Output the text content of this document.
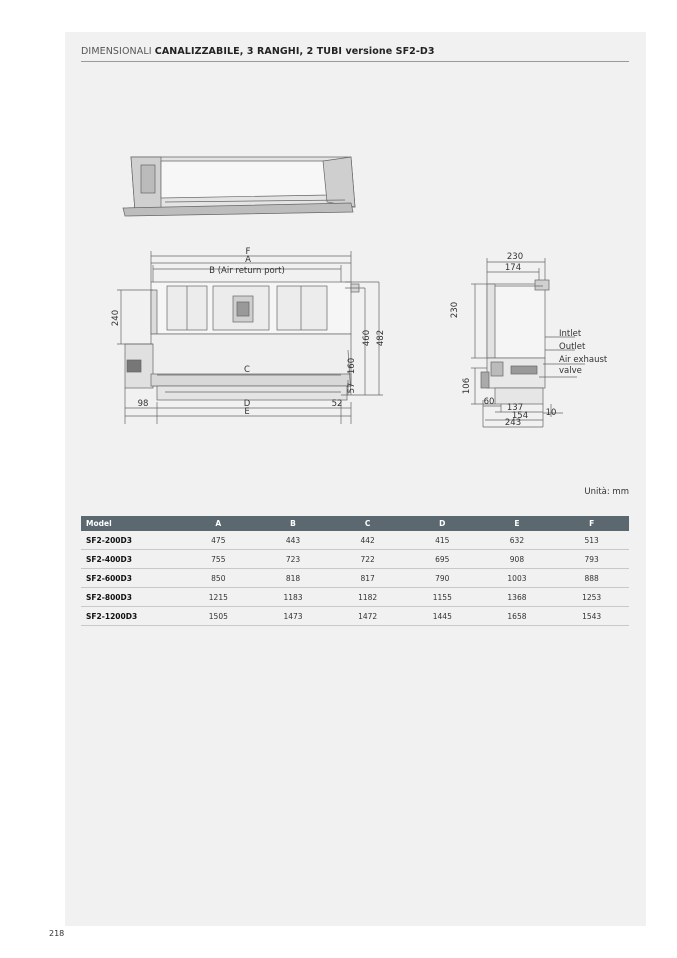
DIMENSIONALI CANALIZZABILE, 3 RANGHI, 2 TUBI versione SF2-D3
F
A
B (Air return port)
C
D
E
98	52
240
460 482
160
57
230
174
230
106
60
137
154 10
243
Intlet
Outlet
Air exhaust
valve
Unità: mm
Model	A	B	C	D	E	F
SF2-200D3	475	443	442	415	632	513
SF2-400D3	755	723	722	695	908	793
SF2-600D3	850	818	817	790	1003	888
SF2-800D3	1215	1183	1182	1155	1368	1253
SF2-1200D3	1505	1473	1472	1445	1658	1543
218
